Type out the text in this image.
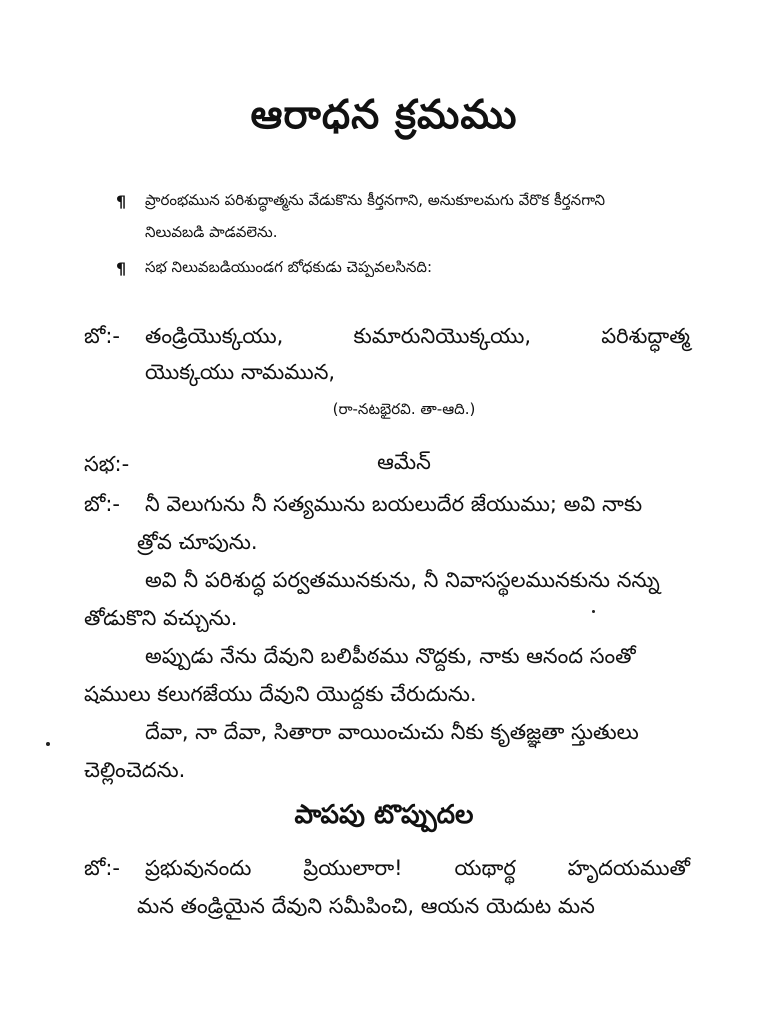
ఆరాధన క్రమము
¶ ప్రారంభమున పరిశుద్ధాత్మను వేడుకొను కీర్తనగాని, అనుకూలమగు వేరొక కీర్తనగాని
నిలువబడి పాడవలెను.
¶ సభ నిలువబడియుండగ బోధకుడు చెప్పవలసినది:
బో:- తండ్రియొక్కయు,	కుమారునియొక్కయు,	పరిశుద్ధాత్మ
యొక్కయు నామమున,
(రా-నటభైరవి. తా-ఆది.)
సభ:-	ఆమేన్
బో:- నీ వెలుగును నీ సత్యమును బయలుదేర జేయుము; అవి నాకు
త్రోవ చూపును.
అవి నీ పరిశుద్ధ పర్వతమునకును, నీ నివాసస్థలమునకును నన్ను
తోడుకొని వచ్చును.
అప్పుడు నేను దేవుని బలిపీఠము నొద్దకు, నాకు ఆనంద సంతో
షములు కలుగజేయు దేవుని యొద్దకు చేరుదును.
దేవా, నా దేవా, సితారా వాయించుచు నీకు కృతజ్ఞతా స్తుతులు
చెల్లించెదను.
పాపపు టొప్పుదల
బో:- ప్రభువునందు ప్రియులారా! యథార్థ హృదయముతో
మన తండ్రియైన దేవుని సమీపించి, ఆయన యెదుట మన
